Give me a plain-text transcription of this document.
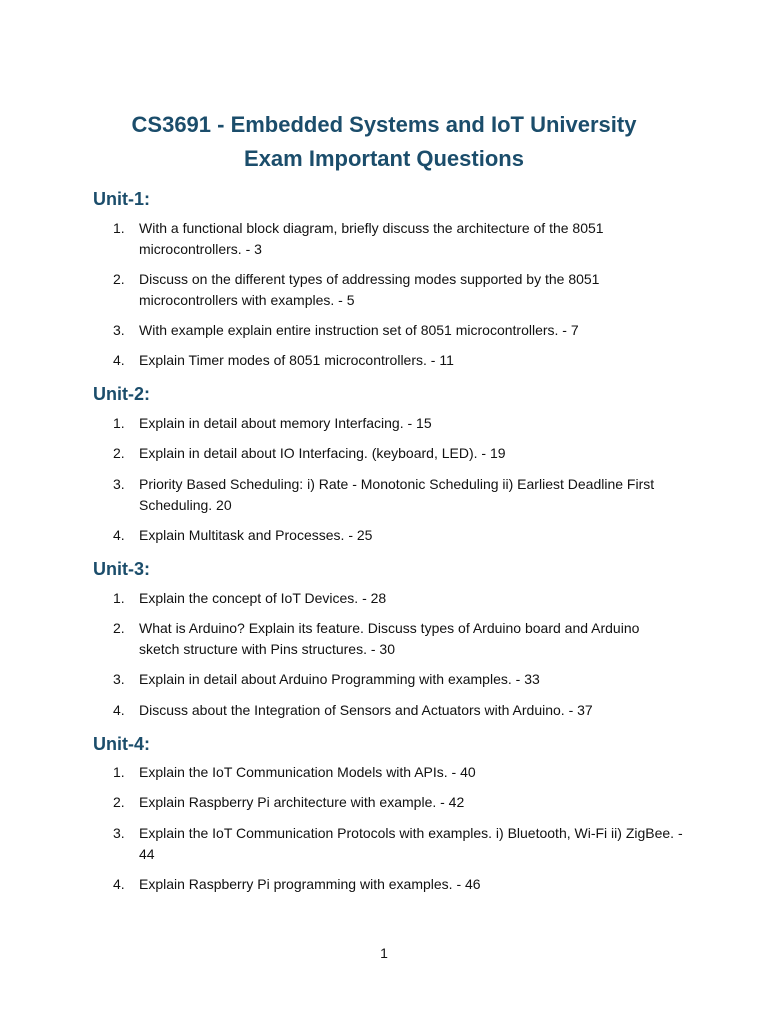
CS3691 - Embedded Systems and IoT University
Exam Important Questions
Unit-1:
1.	With a functional block diagram, briefly discuss the architecture of the 8051 microcontrollers. - 3
2.	Discuss on the different types of addressing modes supported by the 8051 microcontrollers with examples. - 5
3.	With example explain entire instruction set of 8051 microcontrollers. - 7
4.	Explain Timer modes of 8051 microcontrollers. - 11
Unit-2:
1.	Explain in detail about memory Interfacing. - 15
2.	Explain in detail about IO Interfacing. (keyboard, LED). - 19
3.	Priority Based Scheduling: i) Rate - Monotonic Scheduling ii) Earliest Deadline First Scheduling. 20
4.	Explain Multitask and Processes. - 25
Unit-3:
1.	Explain the concept of IoT Devices. - 28
2.	What is Arduino? Explain its feature. Discuss types of Arduino board and Arduino sketch structure with Pins structures. - 30
3.	Explain in detail about Arduino Programming with examples. - 33
4.	Discuss about the Integration of Sensors and Actuators with Arduino. - 37
Unit-4:
1.	Explain the IoT Communication Models with APIs. - 40
2.	Explain Raspberry Pi architecture with example. - 42
3.	Explain the IoT Communication Protocols with examples. i) Bluetooth, Wi-Fi ii) ZigBee. - 44
4.	Explain Raspberry Pi programming with examples. - 46
1
